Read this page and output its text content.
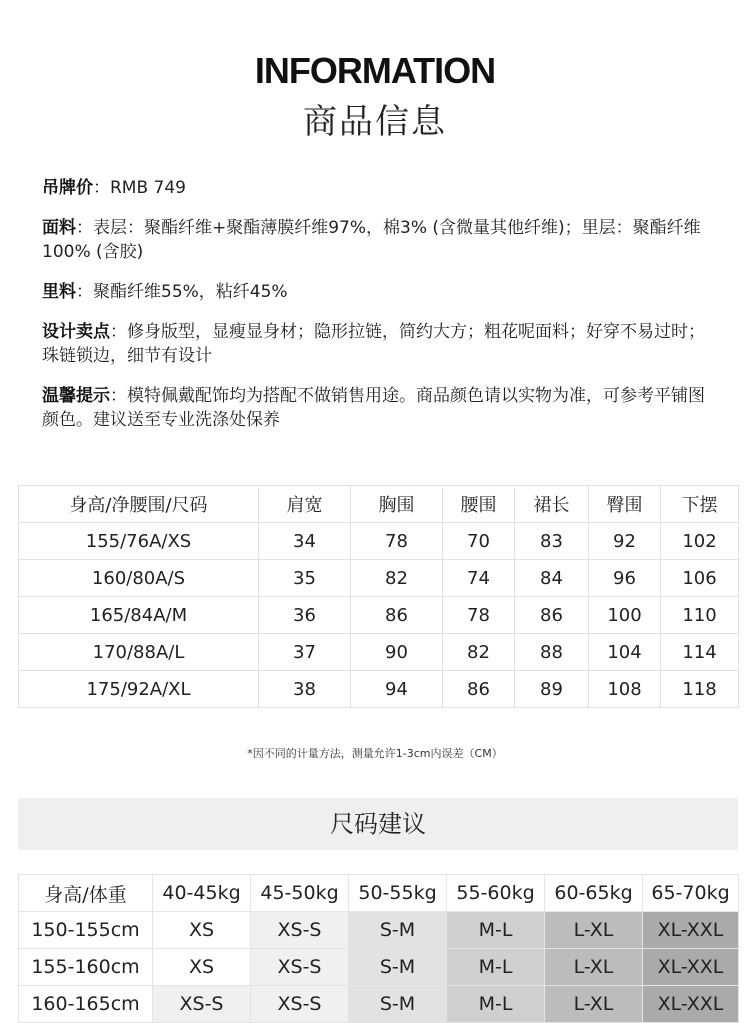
INFORMATION
商品信息

吊牌价：RMB 749

面料：表层：聚酯纤维+聚酯薄膜纤维97%，棉3% (含微量其他纤维)；里层：聚酯纤维100% (含胶)

里料：聚酯纤维55%，粘纤45%

设计卖点：修身版型，显瘦显身材；隐形拉链，简约大方；粗花呢面料；好穿不易过时；珠链锁边，细节有设计

温馨提示：模特佩戴配饰均为搭配不做销售用途。商品颜色请以实物为准，可参考平铺图颜色。建议送至专业洗涤处保养

身高/净腰围/尺码	肩宽	胸围	腰围	裙长	臀围	下摆
155/76A/XS	34	78	70	83	92	102
160/80A/S	35	82	74	84	96	106
165/84A/M	36	86	78	86	100	110
170/88A/L	37	90	82	88	104	114
175/92A/XL	38	94	86	89	108	118
*因不同的计量方法，测量允许1-3cm内误差（CM）
尺码建议
身高/体重	40-45kg	45-50kg	50-55kg	55-60kg	60-65kg	65-70kg
150-155cm	XS	XS-S	S-M	M-L	L-XL	XL-XXL
155-160cm	XS	XS-S	S-M	M-L	L-XL	XL-XXL
160-165cm	XS-S	XS-S	S-M	M-L	L-XL	XL-XXL
